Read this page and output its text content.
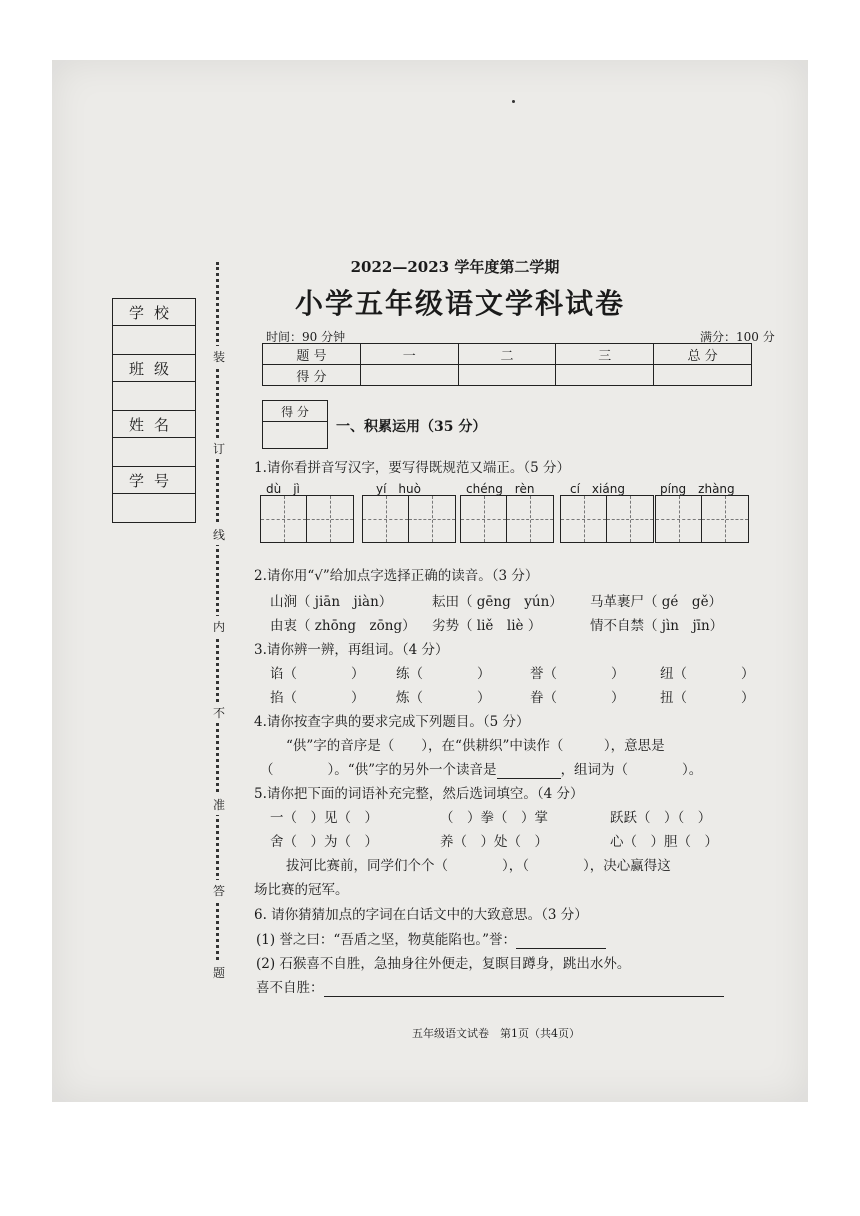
学校

班级

姓名

学号

装
订
线
内
不
准
答
题
2022—2023 学年度第二学期
小学五年级语文学科试卷
时间：90 分钟	满分：100 分
题 号	一	二	三	总 分
得 分				
得 分

一、积累运用（35 分）
1.请你看拼音写汉字，要写得既规范又端正。（5 分）
dù　jì	yí　huò	chéng　rèn	cí　xiáng	píng　zhàng
2.请你用“√”给加点字选择正确的读音。（3 分）
山涧（ jiān　jiàn）	耘田（ gēng　yún） 马革裹尸（ gé　gě）
由衷（ zhōng　zōng） 劣势（ liě　liè ）	情不自禁（ jìn　jīn）
3.请你辨一辨，再组词。（4 分）
谄（　　　　） 练（　　　　）	誉（　　　　）	纽（　　　　）
掐（　　　　） 炼（　　　　）	眷（　　　　）	扭（　　　　）
4.请你按查字典的要求完成下列题目。（5 分）
“供”字的音序是（　　），在“供耕织”中读作（　　　），意思是
（　　　　）。“供”字的另外一个读音是	，组词为（　　　　）。
5.请你把下面的词语补充完整，然后选词填空。（4 分）
一（　）见（　）	（　）拳（　）掌	跃跃（　）（　）
舍（　）为（　）	养（　）处（　）	心（　）胆（　）
拔河比赛前，同学们个个（　　　　），（　　　　），决心赢得这
场比赛的冠军。
6. 请你猜猜加点的字词在白话文中的大致意思。（3 分）
(1) 誉之曰：“吾盾之坚，物莫能陷也。”誉：
(2) 石猴喜不自胜，急抽身往外便走，复瞑目蹲身，跳出水外。
喜不自胜：
五年级语文试卷　第1页（共4页）
